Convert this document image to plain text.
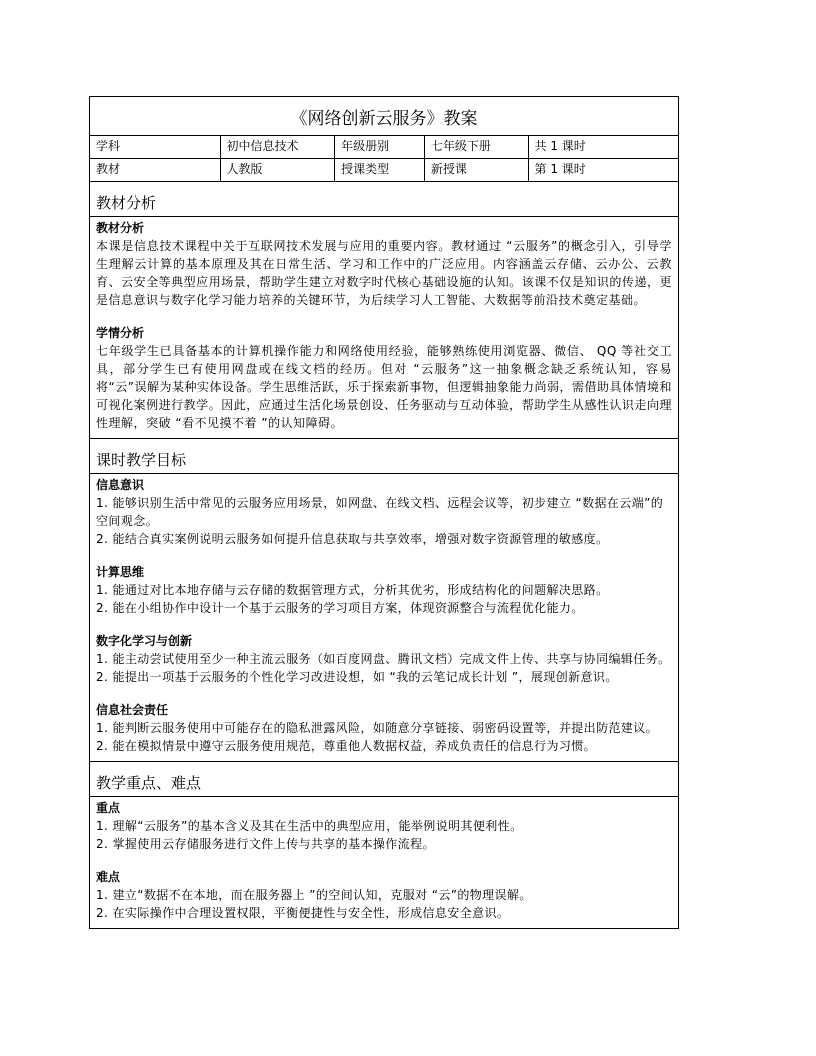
《网络创新云服务》教案
学科	初中信息技术	年级册别	七年级下册	共 1 课时
教材	人教版	授课类型	新授课	第 1 课时
教材分析
教材分析
本课是信息技术课程中关于互联网技术发展与应用的重要内容。教材通过 “云服务”的概念引入，引导学生理解云计算的基本原理及其在日常生活、学习和工作中的广泛应用。内容涵盖云存储、云办公、云教育、云安全等典型应用场景，帮助学生建立对数字时代核心基础设施的认知。该课不仅是知识的传递，更是信息意识与数字化学习能力培养的关键环节，为后续学习人工智能、大数据等前沿技术奠定基础。
学情分析
七年级学生已具备基本的计算机操作能力和网络使用经验，能够熟练使用浏览器、微信、 QQ 等社交工具，部分学生已有使用网盘或在线文档的经历。但对 “云服务”这一抽象概念缺乏系统认知，容易将“云”误解为某种实体设备。学生思维活跃，乐于探索新事物，但逻辑抽象能力尚弱，需借助具体情境和可视化案例进行教学。因此，应通过生活化场景创设、任务驱动与互动体验，帮助学生从感性认识走向理性理解，突破 “看不见摸不着 ”的认知障碍。
课时教学目标
信息意识
1. 能够识别生活中常见的云服务应用场景，如网盘、在线文档、远程会议等，初步建立 “数据在云端”的空间观念。
2. 能结合真实案例说明云服务如何提升信息获取与共享效率，增强对数字资源管理的敏感度。
计算思维
1. 能通过对比本地存储与云存储的数据管理方式，分析其优劣，形成结构化的问题解决思路。
2. 能在小组协作中设计一个基于云服务的学习项目方案，体现资源整合与流程优化能力。
数字化学习与创新
1. 能主动尝试使用至少一种主流云服务（如百度网盘、腾讯文档）完成文件上传、共享与协同编辑任务。
2. 能提出一项基于云服务的个性化学习改进设想，如 “我的云笔记成长计划 ”，展现创新意识。
信息社会责任
1. 能判断云服务使用中可能存在的隐私泄露风险，如随意分享链接、弱密码设置等，并提出防范建议。
2. 能在模拟情景中遵守云服务使用规范，尊重他人数据权益，养成负责任的信息行为习惯。
教学重点、难点
重点
1. 理解“云服务”的基本含义及其在生活中的典型应用，能举例说明其便利性。
2. 掌握使用云存储服务进行文件上传与共享的基本操作流程。
难点
1. 建立“数据不在本地，而在服务器上 ”的空间认知，克服对 “云”的物理误解。
2. 在实际操作中合理设置权限，平衡便捷性与安全性，形成信息安全意识。
